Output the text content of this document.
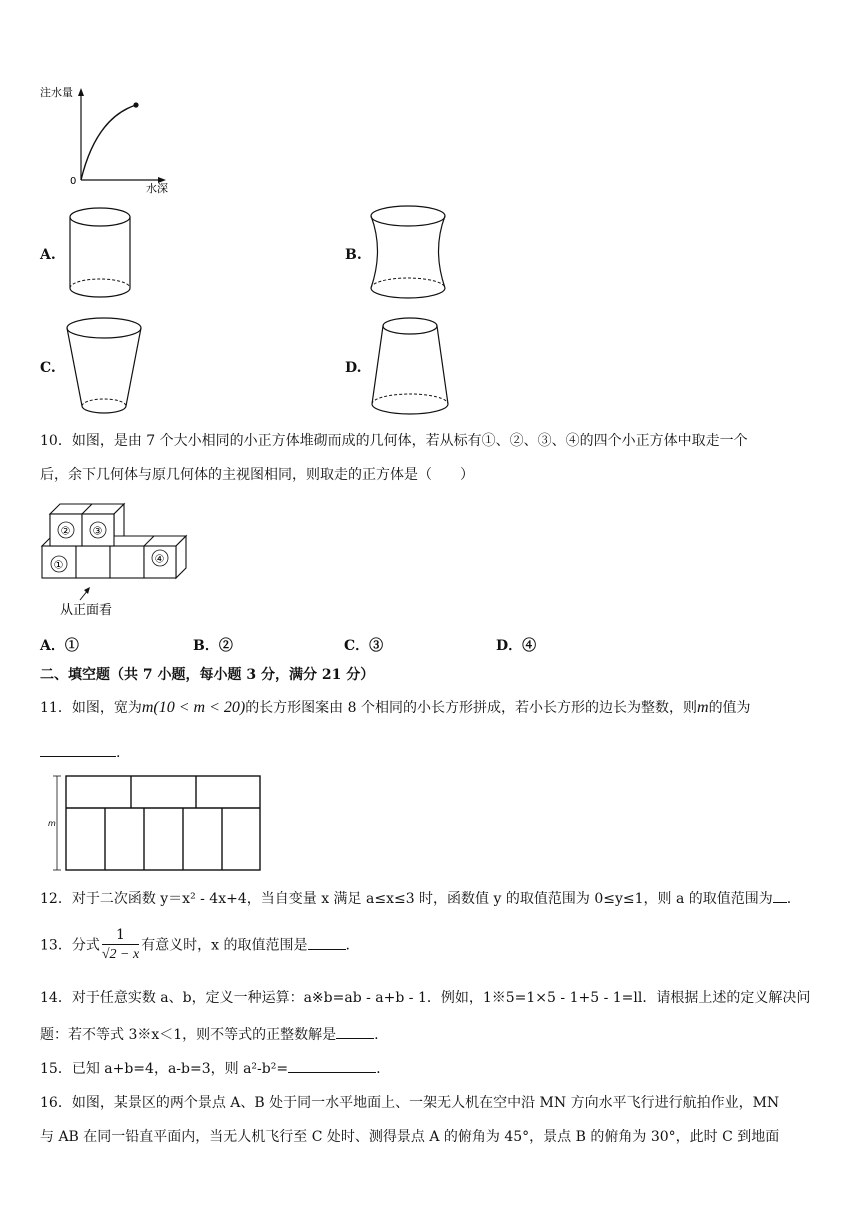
注水量
0
水深
A.	B.
C.	D.
10．如图，是由 7 个大小相同的小正方体堆砌而成的几何体，若从标有①、②、③、④的四个小正方体中取走一个
后，余下几何体与原几何体的主视图相同，则取走的正方体是（　　）
② ③
①	④
从正面看
A．①	B．②	C．③	D．④
二、填空题（共 7 小题，每小题 3 分，满分 21 分）
11．如图，宽为m(10 < m < 20)的长方形图案由 8 个相同的小长方形拼成，若小长方形的边长为整数，则m的值为
.
m
12．对于二次函数 y＝x² - 4x+4，当自变量 x 满足 a≤x≤3 时，函数值 y 的取值范围为 0≤y≤1，则 a 的取值范围为 .
13．分式 $\frac{1}{√2 - x}$ 有意义时，x 的取值范围是	.
14．对于任意实数 a、b，定义一种运算：a※b=ab - a+b - 1．例如，1※5=1×5 - 1+5 - 1=ll．请根据上述的定义解决问
题：若不等式 3※x＜1，则不等式的正整数解是	.
15．已知 a+b=4，a-b=3，则 a²-b²=	.
16．如图，某景区的两个景点 A、B 处于同一水平地面上、一架无人机在空中沿 MN 方向水平飞行进行航拍作业，MN
与 AB 在同一铅直平面内，当无人机飞行至 C 处时、测得景点 A 的俯角为 45°，景点 B 的俯角为 30°，此时 C 到地面
